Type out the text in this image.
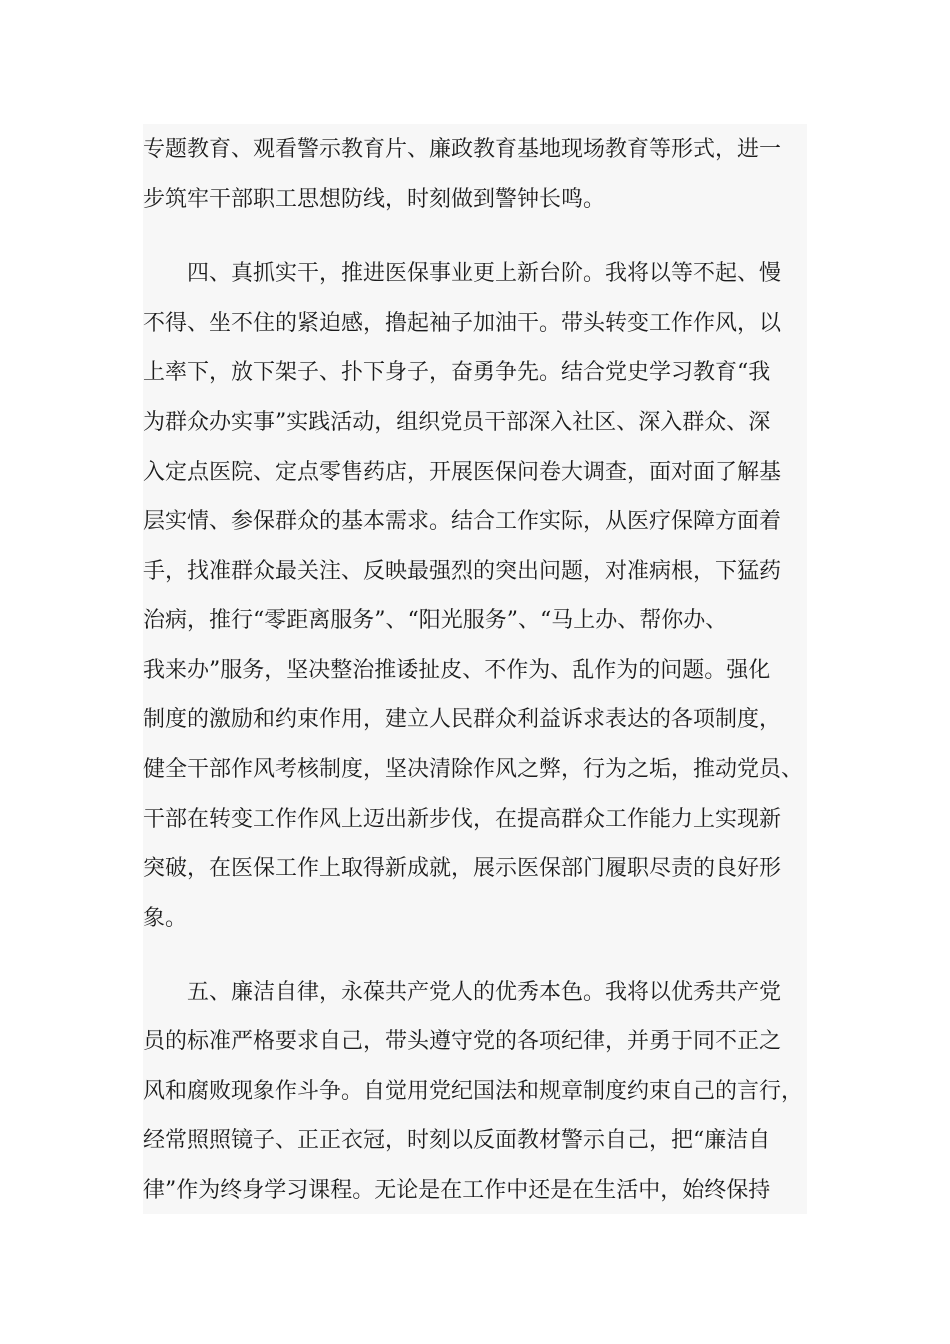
专题教育、观看警示教育片、廉政教育基地现场教育等形式，进一
步筑牢干部职工思想防线，时刻做到警钟长鸣。
四、真抓实干，推进医保事业更上新台阶。我将以等不起、慢
不得、坐不住的紧迫感，撸起袖子加油干。带头转变工作作风，以
上率下，放下架子、扑下身子，奋勇争先。结合党史学习教育“我
为群众办实事”实践活动，组织党员干部深入社区、深入群众、深
入定点医院、定点零售药店，开展医保问卷大调查，面对面了解基
层实情、参保群众的基本需求。结合工作实际，从医疗保障方面着
手，找准群众最关注、反映最强烈的突出问题，对准病根，下猛药
治病，推行“零距离服务”、“阳光服务”、“马上办、帮你办、
我来办”服务，坚决整治推诿扯皮、不作为、乱作为的问题。强化
制度的激励和约束作用，建立人民群众利益诉求表达的各项制度，
健全干部作风考核制度，坚决清除作风之弊，行为之垢，推动党员、
干部在转变工作作风上迈出新步伐，在提高群众工作能力上实现新
突破，在医保工作上取得新成就，展示医保部门履职尽责的良好形
象。
五、廉洁自律，永葆共产党人的优秀本色。我将以优秀共产党
员的标准严格要求自己，带头遵守党的各项纪律，并勇于同不正之
风和腐败现象作斗争。自觉用党纪国法和规章制度约束自己的言行，
经常照照镜子、正正衣冠，时刻以反面教材警示自己，把“廉洁自
律”作为终身学习课程。无论是在工作中还是在生活中，始终保持
